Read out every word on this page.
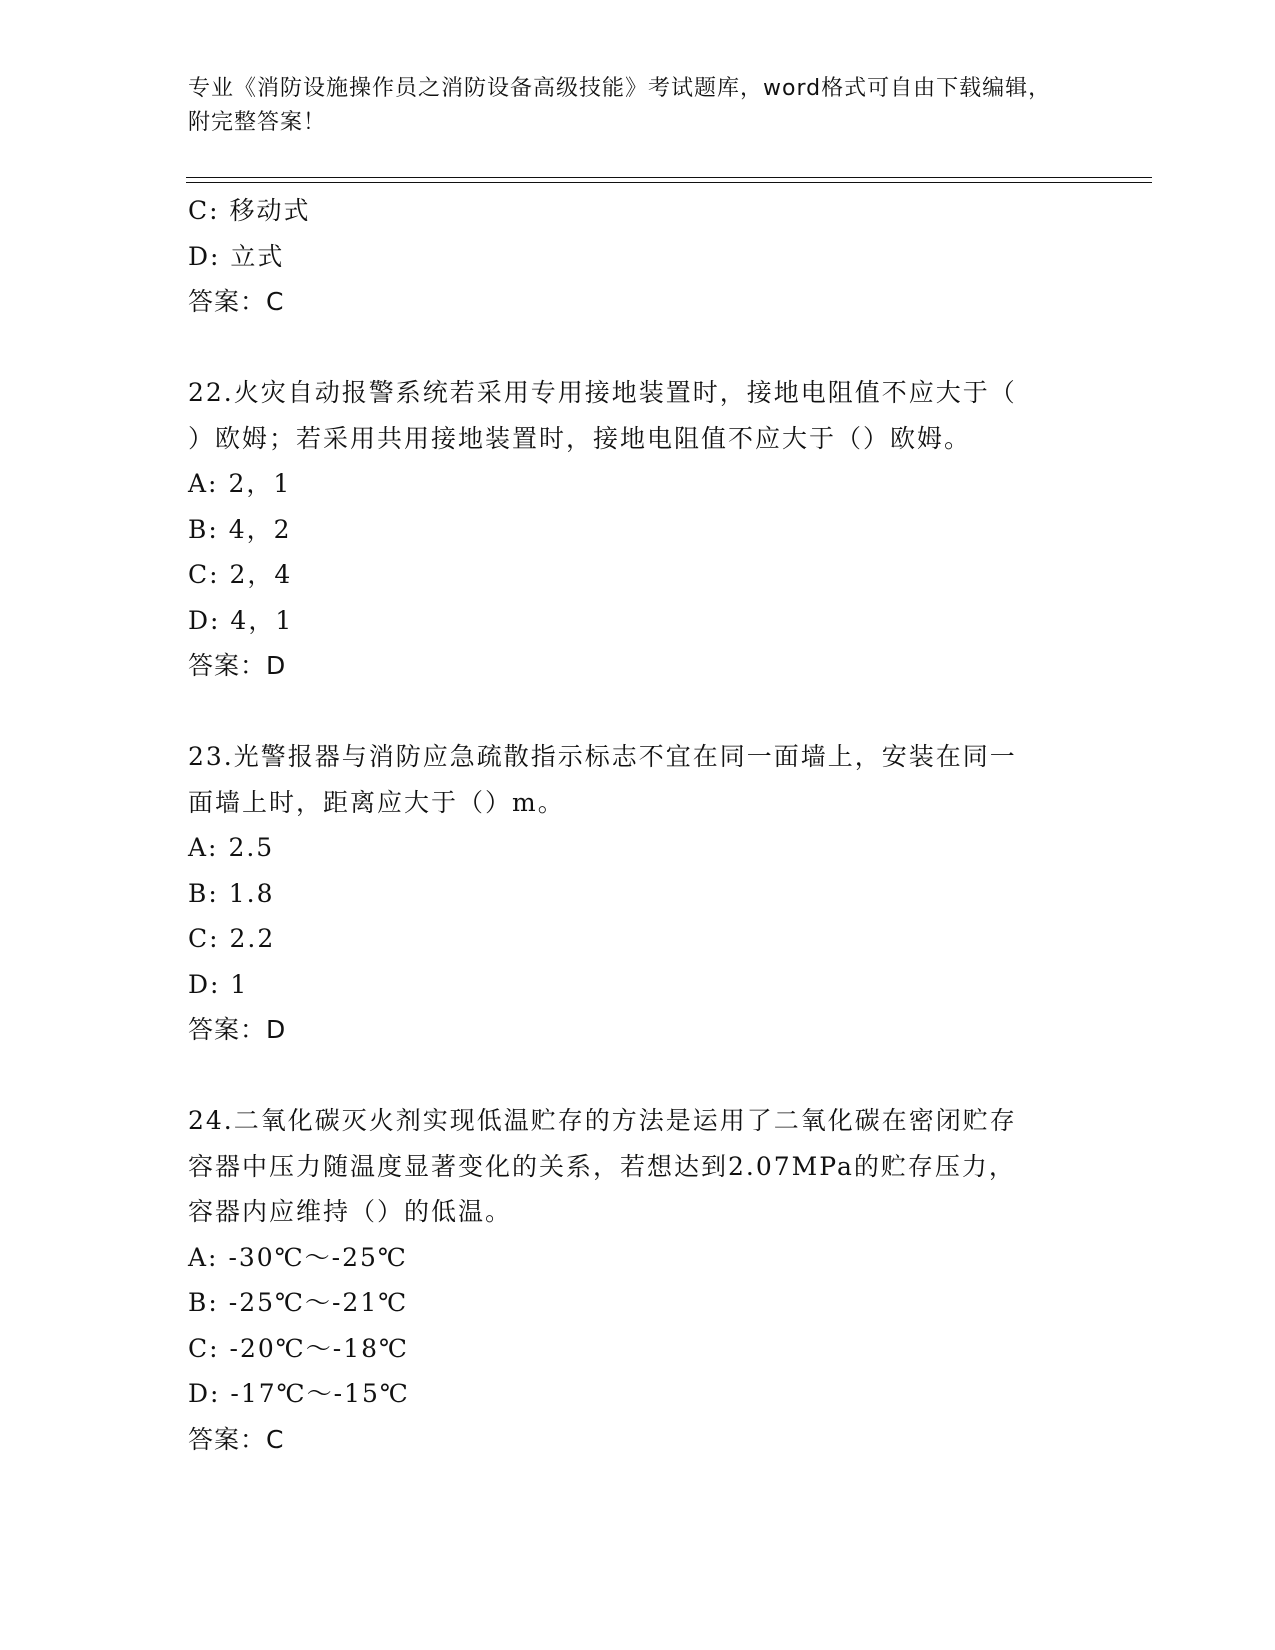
专业《消防设施操作员之消防设备高级技能》考试题库，word格式可自由下载编辑，附完整答案！
C: 移动式
D: 立式
答案：C
22.火灾自动报警系统若采用专用接地装置时，接地电阻值不应大于（
）欧姆；若采用共用接地装置时，接地电阻值不应大于（）欧姆。
A: 2，1
B: 4，2
C: 2，4
D: 4，1
答案：D
23.光警报器与消防应急疏散指示标志不宜在同一面墙上，安装在同一
面墙上时，距离应大于（）m。
A: 2.5
B: 1.8
C: 2.2
D: 1
答案：D
24.二氧化碳灭火剂实现低温贮存的方法是运用了二氧化碳在密闭贮存
容器中压力随温度显著变化的关系，若想达到2.07MPa的贮存压力，
容器内应维持（）的低温。
A: -30℃～-25℃
B: -25℃～-21℃
C: -20℃～-18℃
D: -17℃～-15℃
答案：C
